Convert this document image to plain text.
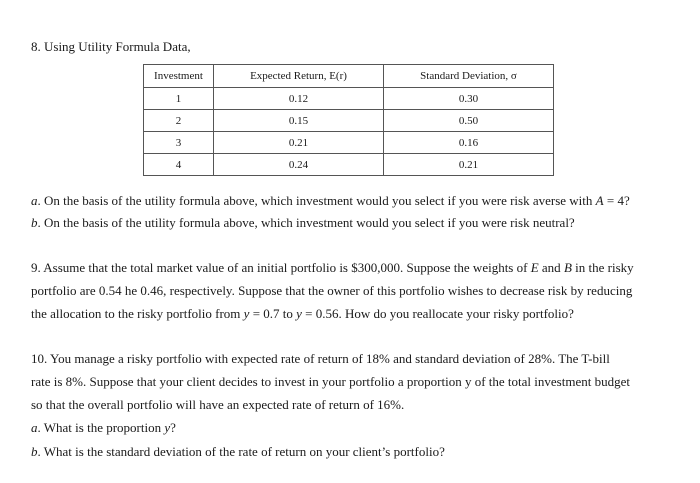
8. Using Utility Formula Data,
Investment	Expected Return, E(r)	Standard Deviation, σ
1	0.12	0.30
2	0.15	0.50
3	0.21	0.16
4	0.24	0.21
a. On the basis of the utility formula above, which investment would you select if you were risk averse with A = 4?
b. On the basis of the utility formula above, which investment would you select if you were risk neutral?
9. Assume that the total market value of an initial portfolio is $300,000. Suppose the weights of E and B in the risky
portfolio are 0.54 he 0.46, respectively. Suppose that the owner of this portfolio wishes to decrease risk by reducing
the allocation to the risky portfolio from y = 0.7 to y = 0.56. How do you reallocate your risky portfolio?
10. You manage a risky portfolio with expected rate of return of 18% and standard deviation of 28%. The T-bill
rate is 8%. Suppose that your client decides to invest in your portfolio a proportion y of the total investment budget
so that the overall portfolio will have an expected rate of return of 16%.
a. What is the proportion y?
b. What is the standard deviation of the rate of return on your client’s portfolio?
